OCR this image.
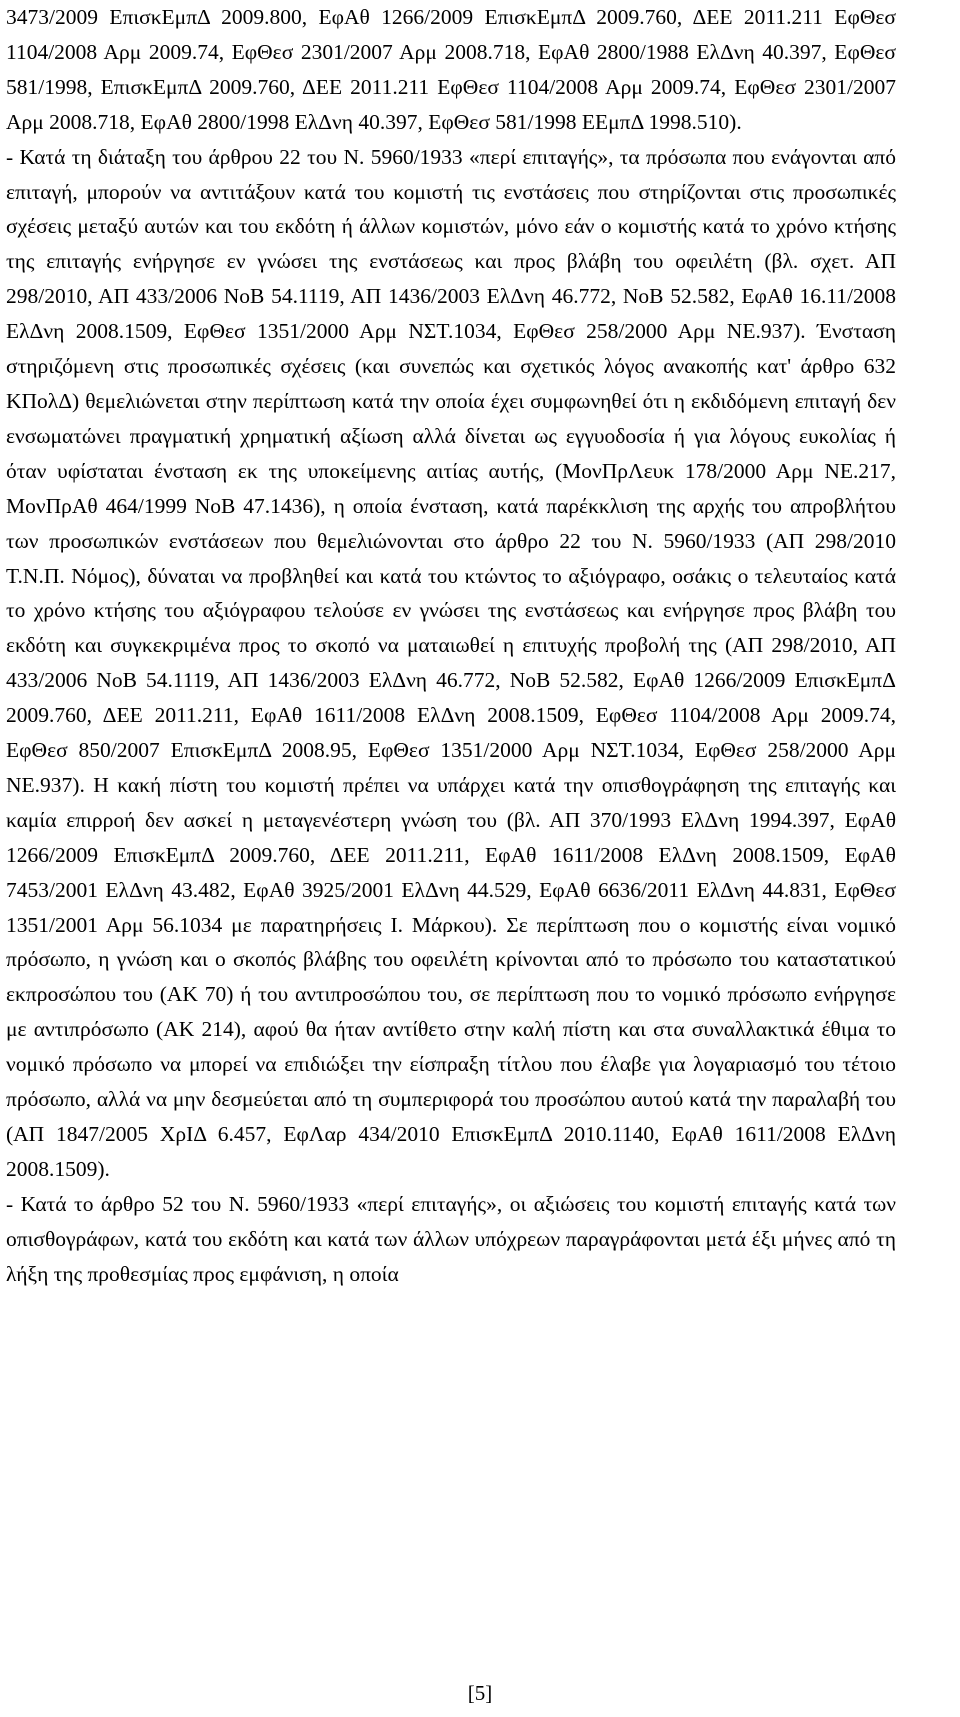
3473/2009 ΕπισκΕμπΔ 2009.800, ΕφΑθ 1266/2009 ΕπισκΕμπΔ 2009.760, ΔΕΕ 2011.211 ΕφΘεσ 1104/2008 Αρμ 2009.74, ΕφΘεσ 2301/2007 Αρμ 2008.718, ΕφΑθ 2800/1988 ΕλΔνη 40.397, ΕφΘεσ 581/1998, ΕπισκΕμπΔ 2009.760, ΔΕΕ 2011.211 ΕφΘεσ 1104/2008 Αρμ 2009.74, ΕφΘεσ 2301/2007 Αρμ 2008.718, ΕφΑθ 2800/1998 ΕλΔνη 40.397, ΕφΘεσ 581/1998 ΕΕμπΔ 1998.510).

- Κατά τη διάταξη του άρθρου 22 του Ν. 5960/1933 «περί επιταγής», τα πρόσωπα που ενάγονται από επιταγή, μπορούν να αντιτάξουν κατά του κομιστή τις ενστάσεις που στηρίζονται στις προσωπικές σχέσεις μεταξύ αυτών και του εκδότη ή άλλων κομιστών, μόνο εάν ο κομιστής κατά το χρόνο κτήσης της επιταγής ενήργησε εν γνώσει της ενστάσεως και προς βλάβη του οφειλέτη (βλ. σχετ. ΑΠ 298/2010, ΑΠ 433/2006 ΝοΒ 54.1119, ΑΠ 1436/2003 ΕλΔνη 46.772, ΝοΒ 52.582, ΕφΑθ 16.11/2008 ΕλΔνη 2008.1509, ΕφΘεσ 1351/2000 Αρμ ΝΣΤ.1034, ΕφΘεσ 258/2000 Αρμ ΝΕ.937). Ένσταση στηριζόμενη στις προσωπικές σχέσεις (και συνεπώς και σχετικός λόγος ανακοπής κατ' άρθρο 632 ΚΠολΔ) θεμελιώνεται στην περίπτωση κατά την οποία έχει συμφωνηθεί ότι η εκδιδόμενη επιταγή δεν ενσωματώνει πραγματική χρηματική αξίωση αλλά δίνεται ως εγγυοδοσία ή για λόγους ευκολίας ή όταν υφίσταται ένσταση εκ της υποκείμενης αιτίας αυτής, (ΜονΠρΛευκ 178/2000 Αρμ ΝΕ.217, ΜονΠρΑθ 464/1999 ΝοΒ 47.1436), η οποία ένσταση, κατά παρέκκλιση της αρχής του απροβλήτου των προσωπικών ενστάσεων που θεμελιώνονται στο άρθρο 22 του Ν. 5960/1933 (ΑΠ 298/2010 Τ.Ν.Π. Νόμος), δύναται να προβληθεί και κατά του κτώντος το αξιόγραφο, οσάκις ο τελευταίος κατά το χρόνο κτήσης του αξιόγραφου τελούσε εν γνώσει της ενστάσεως και ενήργησε προς βλάβη του εκδότη και συγκεκριμένα προς το σκοπό να ματαιωθεί η επιτυχής προβολή της (ΑΠ 298/2010, ΑΠ 433/2006 ΝοΒ 54.1119, ΑΠ 1436/2003 ΕλΔνη 46.772, ΝοΒ 52.582, ΕφΑθ 1266/2009 ΕπισκΕμπΔ 2009.760, ΔΕΕ 2011.211, ΕφΑθ 1611/2008 ΕλΔνη 2008.1509, ΕφΘεσ 1104/2008 Αρμ 2009.74, ΕφΘεσ 850/2007 ΕπισκΕμπΔ 2008.95, ΕφΘεσ 1351/2000 Αρμ ΝΣΤ.1034, ΕφΘεσ 258/2000 Αρμ ΝΕ.937). Η κακή πίστη του κομιστή πρέπει να υπάρχει κατά την οπισθογράφηση της επιταγής και καμία επιρροή δεν ασκεί η μεταγενέστερη γνώση του (βλ. ΑΠ 370/1993 ΕλΔνη 1994.397, ΕφΑθ 1266/2009 ΕπισκΕμπΔ 2009.760, ΔΕΕ 2011.211, ΕφΑθ 1611/2008 ΕλΔνη 2008.1509, ΕφΑθ 7453/2001 ΕλΔνη 43.482, ΕφΑθ 3925/2001 ΕλΔνη 44.529, ΕφΑθ 6636/2011 ΕλΔνη 44.831, ΕφΘεσ 1351/2001 Αρμ 56.1034 με παρατηρήσεις Ι. Μάρκου). Σε περίπτωση που ο κομιστής είναι νομικό πρόσωπο, η γνώση και ο σκοπός βλάβης του οφειλέτη κρίνονται από το πρόσωπο του καταστατικού εκπροσώπου του (ΑΚ 70) ή του αντιπροσώπου του, σε περίπτωση που το νομικό πρόσωπο ενήργησε με αντιπρόσωπο (ΑΚ 214), αφού θα ήταν αντίθετο στην καλή πίστη και στα συναλλακτικά έθιμα το νομικό πρόσωπο να μπορεί να επιδιώξει την είσπραξη τίτλου που έλαβε για λογαριασμό του τέτοιο πρόσωπο, αλλά να μην δεσμεύεται από τη συμπεριφορά του προσώπου αυτού κατά την παραλαβή του (ΑΠ 1847/2005 ΧρΙΔ 6.457, ΕφΛαρ 434/2010 ΕπισκΕμπΔ 2010.1140, ΕφΑθ 1611/2008 ΕλΔνη 2008.1509).

- Κατά το άρθρο 52 του Ν. 5960/1933 «περί επιταγής», οι αξιώσεις του κομιστή επιταγής κατά των οπισθογράφων, κατά του εκδότη και κατά των άλλων υπόχρεων παραγράφονται μετά έξι μήνες από τη λήξη της προθεσμίας προς εμφάνιση, η οποία

[5]
